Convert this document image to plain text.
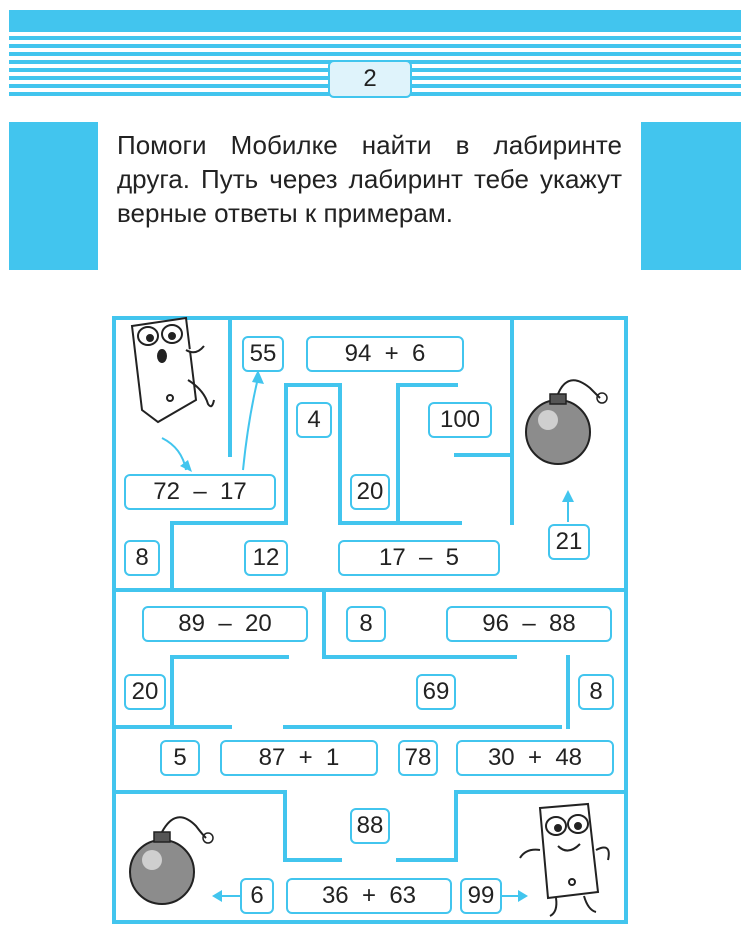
2
Помоги Мобилке найти в лабиринте друга. Путь через лабиринт тебе укажут верные ответы к примерам.
55	94  +  6
4	100
72  –  17	20
8	12	17  –  5
21
89  –  20	8	96  –  88
20	69	8
5	87  +  1	78	30  +  48
88
6	36  +  63	99
